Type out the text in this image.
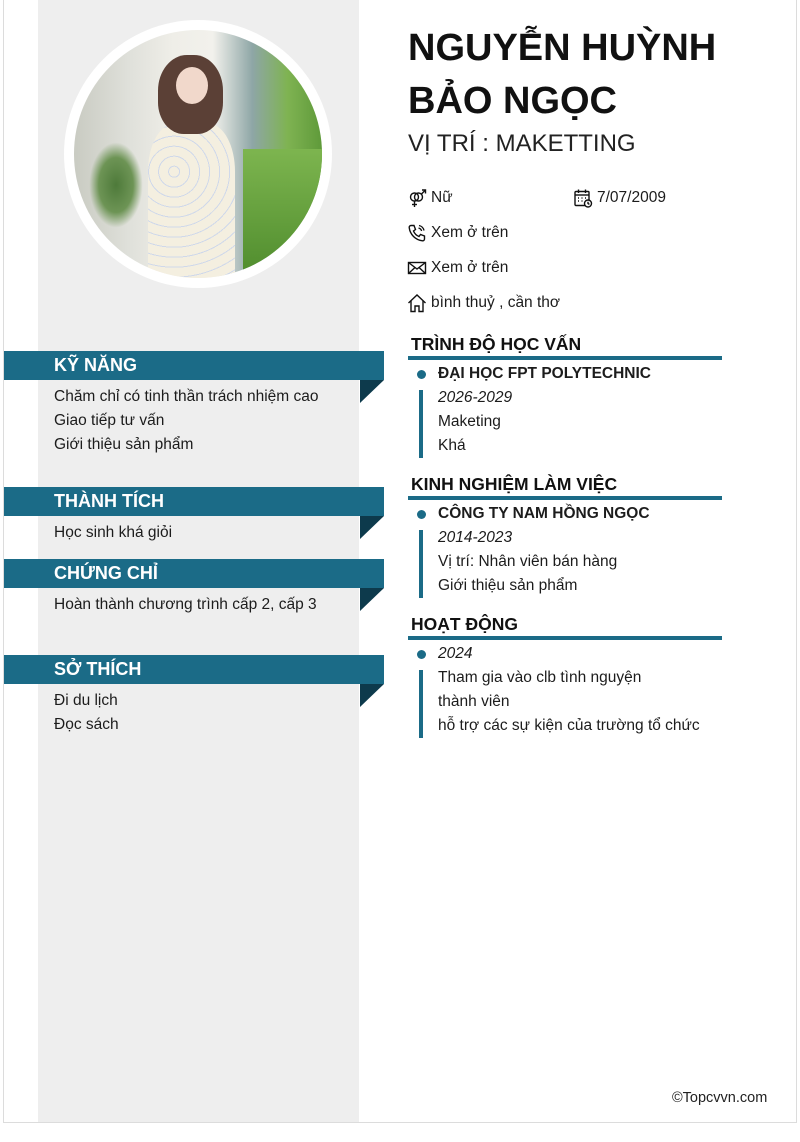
KỸ NĂNG
Chăm chỉ có tinh thần trách nhiệm cao
Giao tiếp tư vấn
Giới thiệu sản phẩm
THÀNH TÍCH
Học sinh khá giỏi
CHỨNG CHỈ
Hoàn thành chương trình cấp 2, cấp 3
SỞ THÍCH
Đi du lịch
Đọc sách
NGUYỄN HUỲNH BẢO NGỌC
VỊ TRÍ : MAKETTING
Nữ	7/07/2009
Xem ở trên
Xem ở trên
bình thuỷ , cần thơ
TRÌNH ĐỘ HỌC VẤN
ĐẠI HỌC FPT POLYTECHNIC
2026-2029
Maketing
Khá
KINH NGHIỆM LÀM VIỆC
CÔNG TY NAM HỒNG NGỌC
2014-2023
Vị trí: Nhân viên bán hàng
Giới thiệu sản phẩm
HOẠT ĐỘNG
2024
Tham gia vào clb tình nguyện
thành viên
hỗ trợ các sự kiện của trường tổ chức
©Topcvvn.com
